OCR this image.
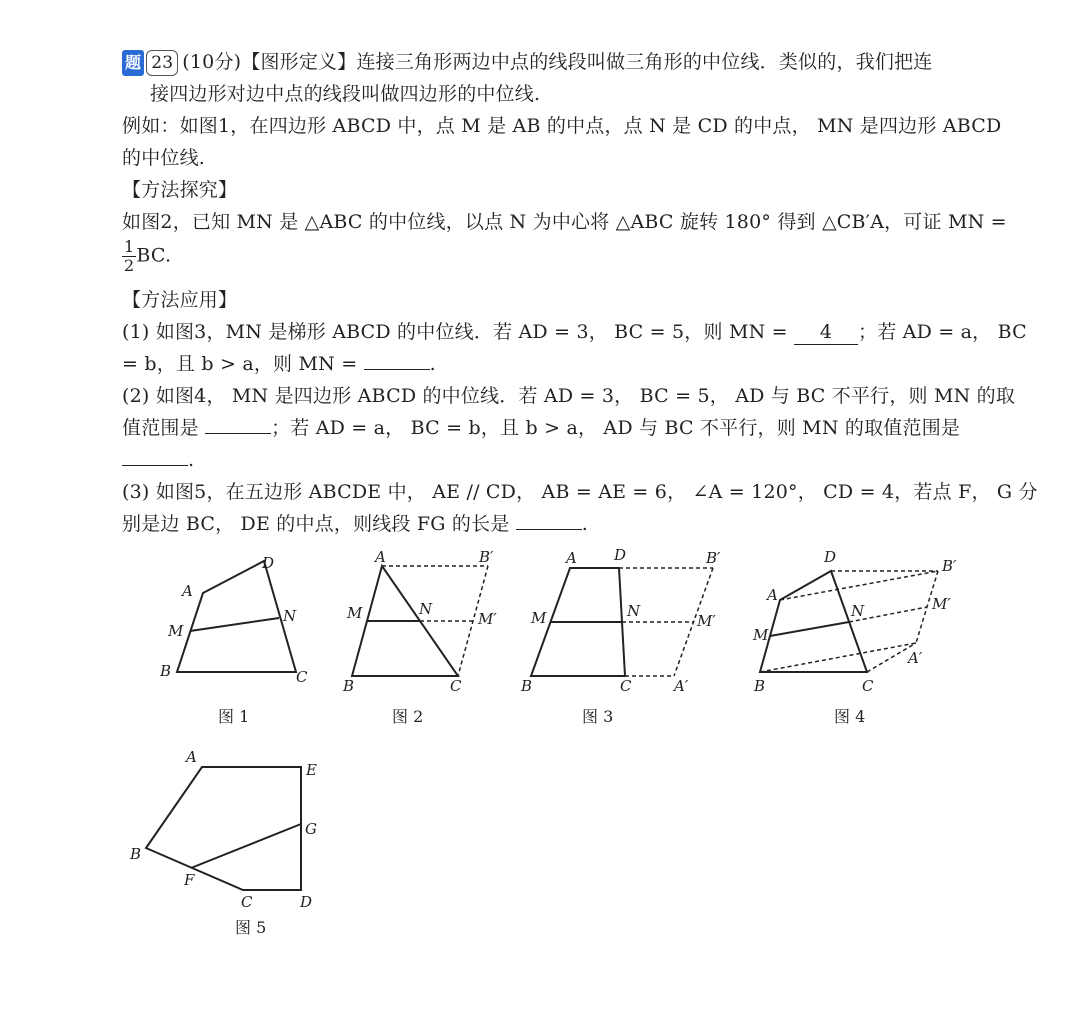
题 23 (10分)【图形定义】连接三角形两边中点的线段叫做三角形的中位线．类似的，我们把连
接四边形对边中点的线段叫做四边形的中位线.
例如：如图1，在四边形 ABCD 中，点 M 是 AB 的中点，点 N 是 CD 的中点， MN 是四边形 ABCD
的中位线.
【方法探究】
如图2，已知 MN 是 △ABC 的中位线，以点 N 为中心将 △ABC 旋转 180° 得到 △CB′A，可证 MN =
$\frac{1}{2}$ BC.
【方法应用】
(1) 如图3，MN 是梯形 ABCD 的中位线．若 AD = 3， BC = 5，则 MN = 4 ；若 AD = a， BC
= b，且 b > a，则 MN =	.
(2) 如图4， MN 是四边形 ABCD 的中位线．若 AD = 3， BC = 5， AD 与 BC 不平行，则 MN 的取
值范围是	；若 AD = a， BC = b，且 b > a， AD 与 BC 不平行，则 MN 的取值范围是
.
(3) 如图5，在五边形 ABCDE 中， AE // CD， AB = AE = 6， ∠A = 120°， CD = 4，若点 F， G 分
别是边 BC， DE 的中点，则线段 FG 的长是	.
A
D
M
N
B	C
图 1
A	B′
M	N
M′
B	C
图 2
A D	B′
M	N
M′
B	C	A′
图 3
A
D	B′
M
N	M′
A′
B	C
图 4
A
E
G
B
F
C	D
图 5
